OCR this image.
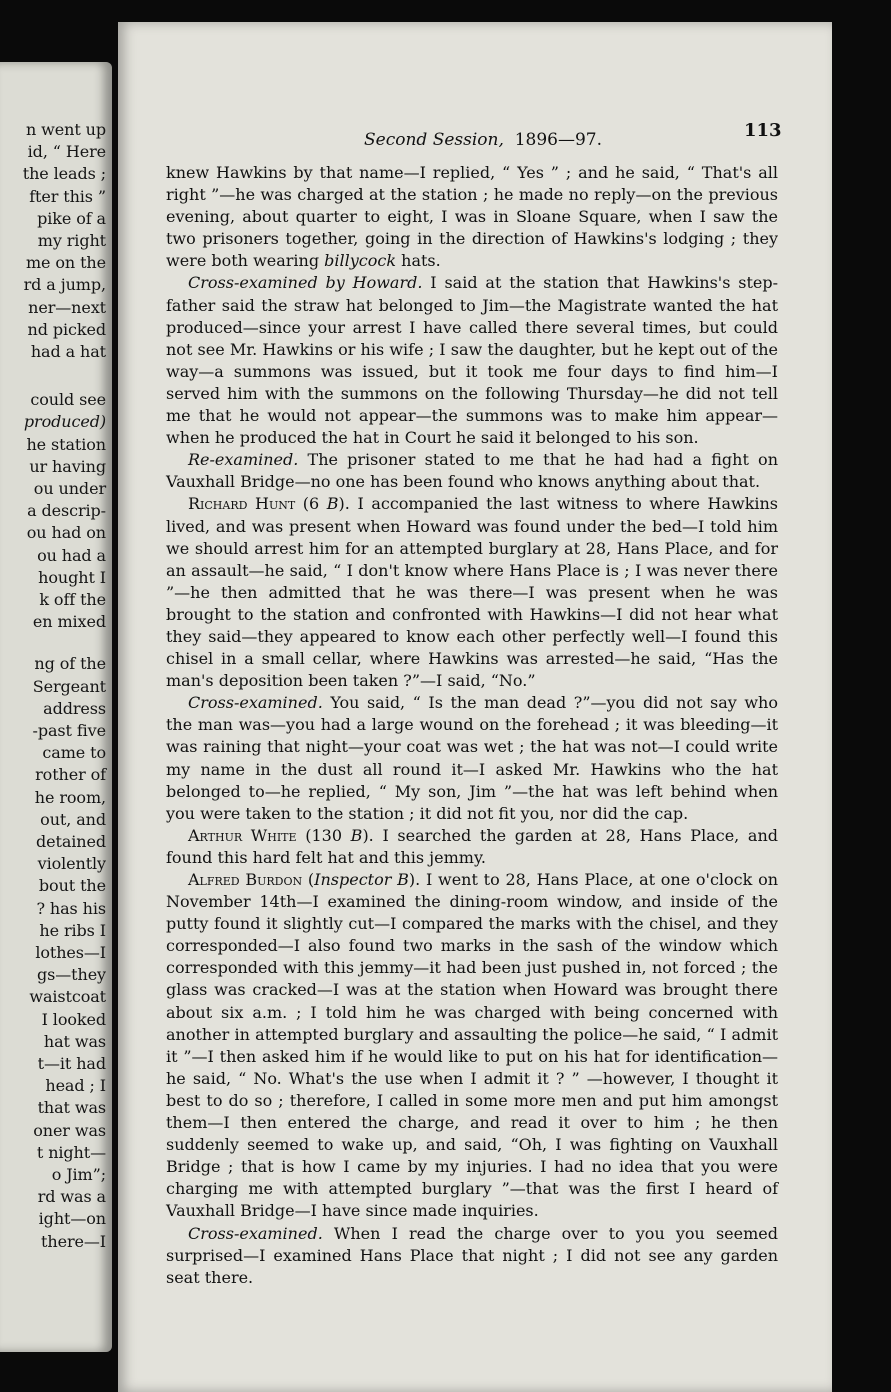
n went up
id, “ Here
the leads ;
fter this ”
pike of a
my right
me on the
rd a jump,
ner—next
nd picked
had a hat
could see
produced)
he station
ur having
ou under
a descrip-
ou had on
ou had a
hought I
k off the
en mixed
ng of the
Sergeant
address
-past five
came to
rother of
he room,
out, and
detained
violently
bout the
? has his
he ribs I
lothes—I
gs—they
waistcoat
I looked
hat was
t—it had
head ; I
that was
oner was
t night—
o Jim”;
rd was a
ight—on
there—I
Second Session, 1896—97.	113

knew Hawkins by that name—I replied, “ Yes ” ; and he said, “ That's all right ”—he was charged at the station ; he made no reply—on the previous evening, about quarter to eight, I was in Sloane Square, when I saw the two prisoners together, going in the direction of Hawkins's lodging ; they were both wearing billycock hats.

Cross-examined by Howard. I said at the station that Hawkins's step-father said the straw hat belonged to Jim—the Magistrate wanted the hat produced—since your arrest I have called there several times, but could not see Mr. Hawkins or his wife ; I saw the daughter, but he kept out of the way—a summons was issued, but it took me four days to find him—I served him with the summons on the following Thursday—he did not tell me that he would not appear—the summons was to make him appear—when he produced the hat in Court he said it belonged to his son.

Re-examined. The prisoner stated to me that he had had a fight on Vauxhall Bridge—no one has been found who knows anything about that.

Richard Hunt (6 B). I accompanied the last witness to where Hawkins lived, and was present when Howard was found under the bed—I told him we should arrest him for an attempted burglary at 28, Hans Place, and for an assault—he said, “ I don't know where Hans Place is ; I was never there ”—he then admitted that he was there—I was present when he was brought to the station and confronted with Hawkins—I did not hear what they said—they appeared to know each other perfectly well—I found this chisel in a small cellar, where Hawkins was arrested—he said, “Has the man's deposition been taken ?”—I said, “No.”

Cross-examined. You said, “ Is the man dead ?”—you did not say who the man was—you had a large wound on the forehead ; it was bleeding—it was raining that night—your coat was wet ; the hat was not—I could write my name in the dust all round it—I asked Mr. Hawkins who the hat belonged to—he replied, “ My son, Jim ”—the hat was left behind when you were taken to the station ; it did not fit you, nor did the cap.

Arthur White (130 B). I searched the garden at 28, Hans Place, and found this hard felt hat and this jemmy.

Alfred Burdon (Inspector B). I went to 28, Hans Place, at one o'clock on November 14th—I examined the dining-room window, and inside of the putty found it slightly cut—I compared the marks with the chisel, and they corresponded—I also found two marks in the sash of the window which corresponded with this jemmy—it had been just pushed in, not forced ; the glass was cracked—I was at the station when Howard was brought there about six a.m. ; I told him he was charged with being concerned with another in attempted burglary and assaulting the police—he said, “ I admit it ”—I then asked him if he would like to put on his hat for identification—he said, “ No. What's the use when I admit it ? ” —however, I thought it best to do so ; therefore, I called in some more men and put him amongst them—I then entered the charge, and read it over to him ; he then suddenly seemed to wake up, and said, “Oh, I was fighting on Vauxhall Bridge ; that is how I came by my injuries. I had no idea that you were charging me with attempted burglary ”—that was the first I heard of Vauxhall Bridge—I have since made inquiries.

Cross-examined. When I read the charge over to you you seemed surprised—I examined Hans Place that night ; I did not see any garden seat there.
